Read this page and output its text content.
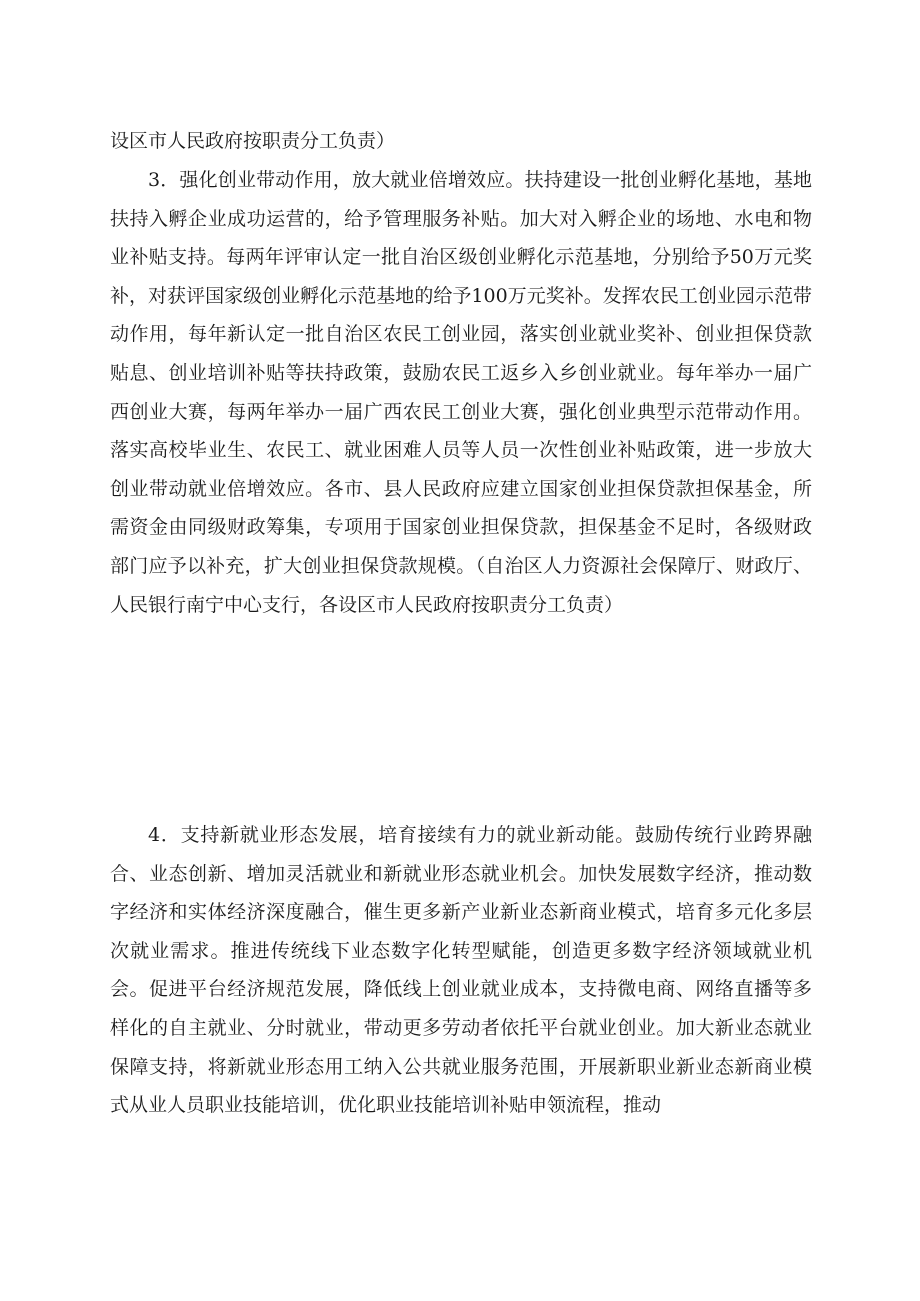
设区市人民政府按职责分工负责）

3．强化创业带动作用，放大就业倍增效应。扶持建设一批创业孵化基地，基地扶持入孵企业成功运营的，给予管理服务补贴。加大对入孵企业的场地、水电和物业补贴支持。每两年评审认定一批自治区级创业孵化示范基地，分别给予50万元奖补，对获评国家级创业孵化示范基地的给予100万元奖补。发挥农民工创业园示范带动作用，每年新认定一批自治区农民工创业园，落实创业就业奖补、创业担保贷款贴息、创业培训补贴等扶持政策，鼓励农民工返乡入乡创业就业。每年举办一届广西创业大赛，每两年举办一届广西农民工创业大赛，强化创业典型示范带动作用。落实高校毕业生、农民工、就业困难人员等人员一次性创业补贴政策，进一步放大创业带动就业倍增效应。各市、县人民政府应建立国家创业担保贷款担保基金，所需资金由同级财政筹集，专项用于国家创业担保贷款，担保基金不足时，各级财政部门应予以补充，扩大创业担保贷款规模。（自治区人力资源社会保障厅、财政厅、人民银行南宁中心支行，各设区市人民政府按职责分工负责）

4．支持新就业形态发展，培育接续有力的就业新动能。鼓励传统行业跨界融合、业态创新、增加灵活就业和新就业形态就业机会。加快发展数字经济，推动数字经济和实体经济深度融合，催生更多新产业新业态新商业模式，培育多元化多层次就业需求。推进传统线下业态数字化转型赋能，创造更多数字经济领域就业机会。促进平台经济规范发展，降低线上创业就业成本，支持微电商、网络直播等多样化的自主就业、分时就业，带动更多劳动者依托平台就业创业。加大新业态就业保障支持，将新就业形态用工纳入公共就业服务范围，开展新职业新业态新商业模式从业人员职业技能培训，优化职业技能培训补贴申领流程，推动
